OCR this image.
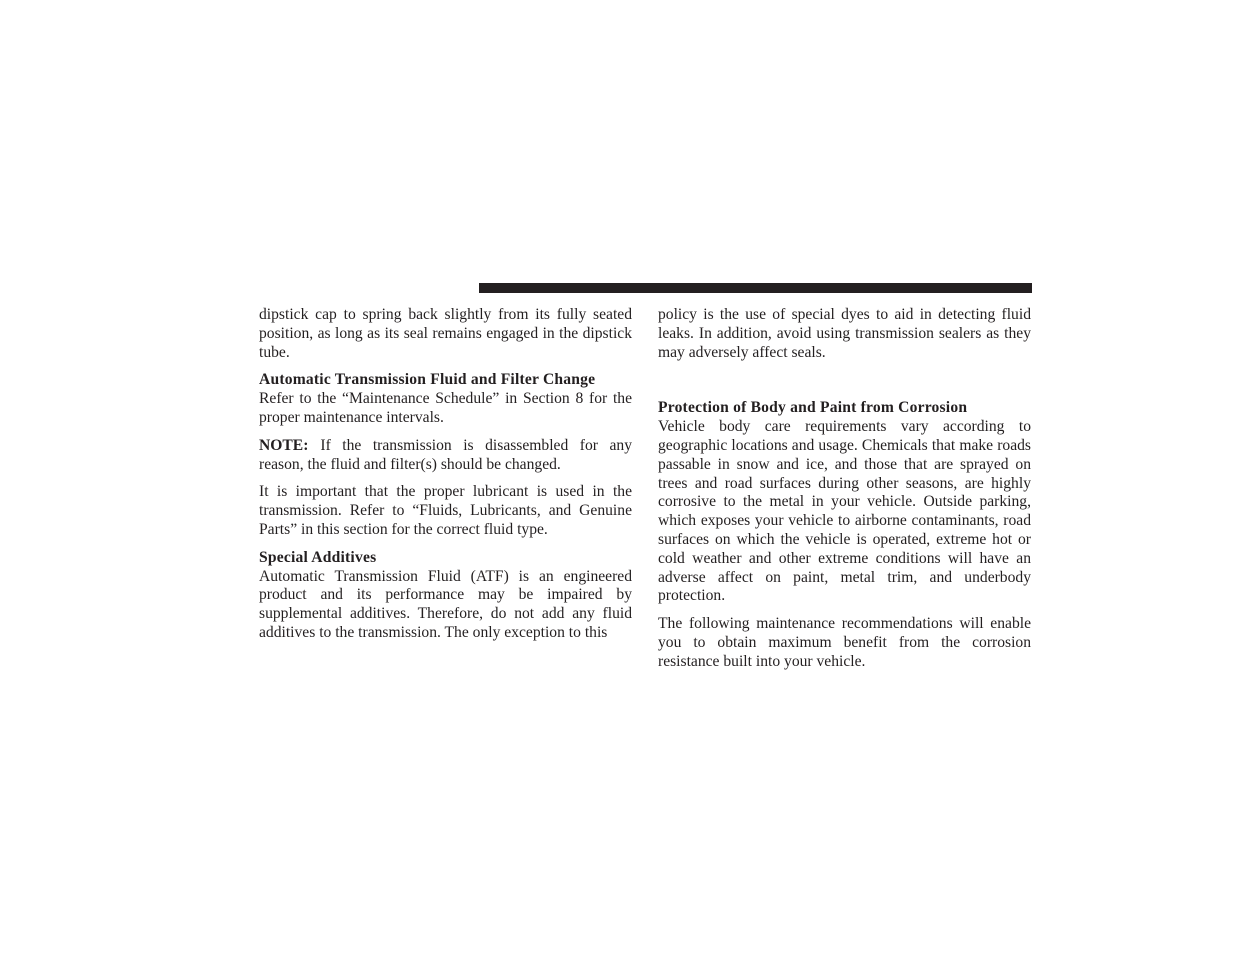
dipstick cap to spring back slightly from its fully seated position, as long as its seal remains engaged in the dipstick tube.

Automatic Transmission Fluid and Filter Change
Refer to the “Maintenance Schedule” in Section 8 for the proper maintenance intervals.

NOTE: If the transmission is disassembled for any reason, the fluid and filter(s) should be changed.

It is important that the proper lubricant is used in the transmission. Refer to “Fluids, Lubricants, and Genuine Parts” in this section for the correct fluid type.

Special Additives
Automatic Transmission Fluid (ATF) is an engineered product and its performance may be impaired by supplemental additives. Therefore, do not add any fluid additives to the transmission. The only exception to this

policy is the use of special dyes to aid in detecting fluid leaks. In addition, avoid using transmission sealers as they may adversely affect seals.

Protection of Body and Paint from Corrosion
Vehicle body care requirements vary according to geographic locations and usage. Chemicals that make roads passable in snow and ice, and those that are sprayed on trees and road surfaces during other seasons, are highly corrosive to the metal in your vehicle. Outside parking, which exposes your vehicle to airborne contaminants, road surfaces on which the vehicle is operated, extreme hot or cold weather and other extreme conditions will have an adverse affect on paint, metal trim, and underbody protection.

The following maintenance recommendations will enable you to obtain maximum benefit from the corrosion resistance built into your vehicle.
